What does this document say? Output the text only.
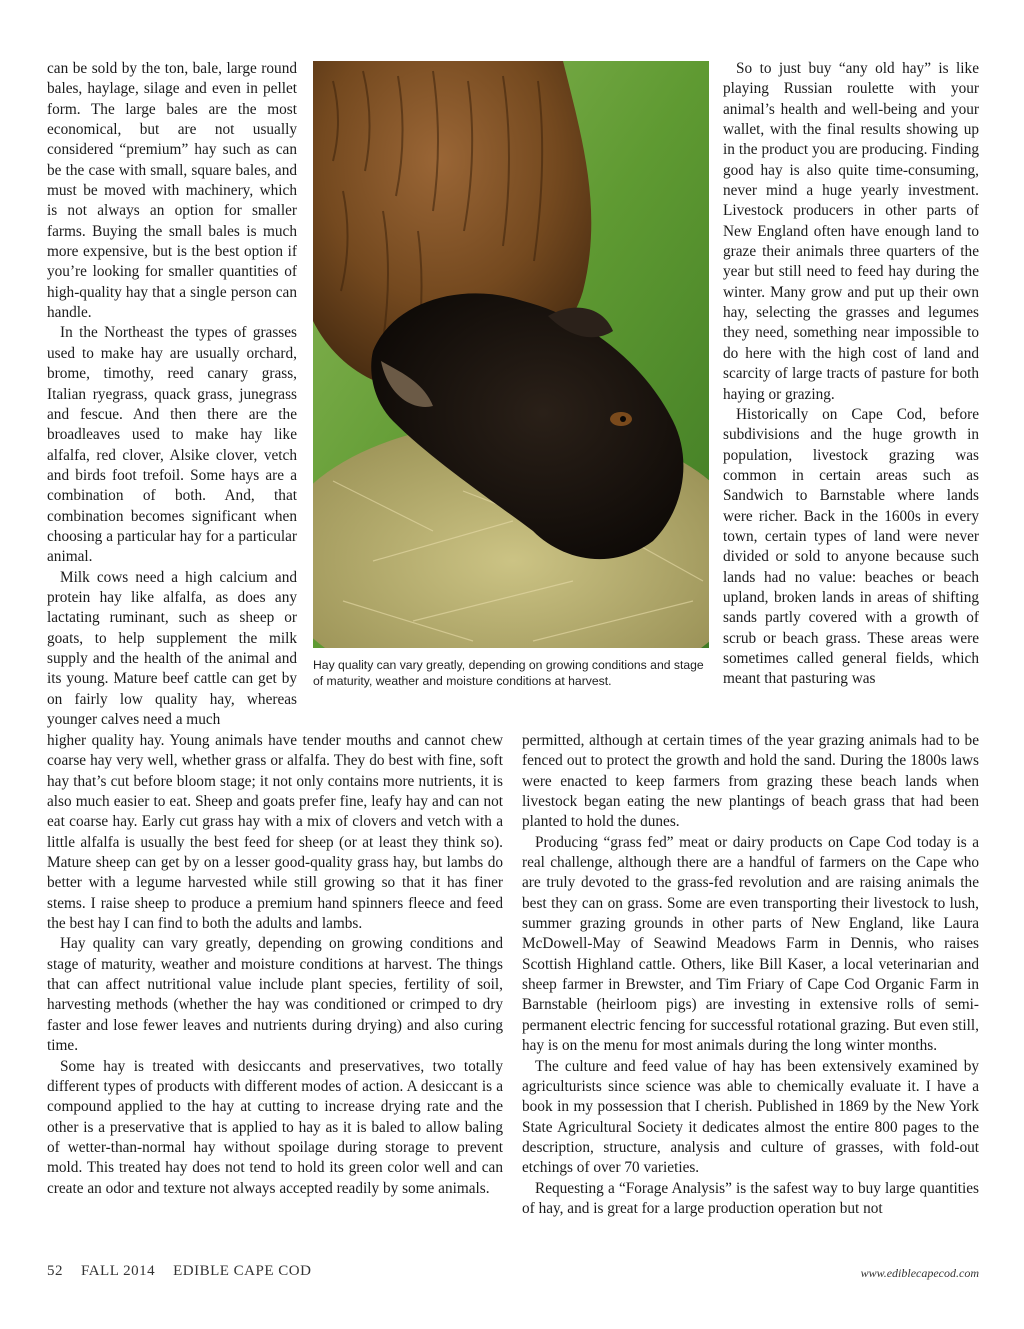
can be sold by the ton, bale, large round bales, haylage, silage and even in pellet form. The large bales are the most economical, but are not usually considered “premium” hay such as can be the case with small, square bales, and must be moved with machinery, which is not always an option for smaller farms. Buying the small bales is much more expensive, but is the best option if you’re looking for smaller quantities of high-quality hay that a single person can handle.

In the Northeast the types of grasses used to make hay are usually orchard, brome, timothy, reed canary grass, Italian ryegrass, quack grass, junegrass and fescue. And then there are the broadleaves used to make hay like alfalfa, red clover, Alsike clover, vetch and birds foot trefoil. Some hays are a combination of both. And, that combination becomes significant when choosing a particular hay for a particular animal.

Milk cows need a high calcium and protein hay like alfalfa, as does any lactating ruminant, such as sheep or goats, to help supplement the milk supply and the health of the animal and its young. Mature beef cattle can get by on fairly low quality hay, whereas younger calves need a much

Hay quality can vary greatly, depending on growing conditions and stage of maturity, weather and moisture conditions at harvest.

So to just buy “any old hay” is like playing Russian roulette with your animal’s health and well-being and your wallet, with the final results showing up in the product you are producing. Finding good hay is also quite time-consuming, never mind a huge yearly investment. Livestock producers in other parts of New England often have enough land to graze their animals three quarters of the year but still need to feed hay during the winter. Many grow and put up their own hay, selecting the grasses and legumes they need, something near impossible to do here with the high cost of land and scarcity of large tracts of pasture for both haying or grazing.

Historically on Cape Cod, before subdivisions and the huge growth in population, livestock grazing was common in certain areas such as Sandwich to Barnstable where lands were richer. Back in the 1600s in every town, certain types of land were never divided or sold to anyone because such lands had no value: beaches or beach upland, broken lands in areas of shifting sands partly covered with a growth of scrub or beach grass. These areas were sometimes called general fields, which meant that pasturing was

higher quality hay. Young animals have tender mouths and cannot chew coarse hay very well, whether grass or alfalfa. They do best with fine, soft hay that’s cut before bloom stage; it not only contains more nutrients, it is also much easier to eat. Sheep and goats prefer fine, leafy hay and can not eat coarse hay. Early cut grass hay with a mix of clovers and vetch with a little alfalfa is usually the best feed for sheep (or at least they think so). Mature sheep can get by on a lesser good-quality grass hay, but lambs do better with a legume harvested while still growing so that it has finer stems. I raise sheep to produce a premium hand spinners fleece and feed the best hay I can find to both the adults and lambs.

Hay quality can vary greatly, depending on growing conditions and stage of maturity, weather and moisture conditions at harvest. The things that can affect nutritional value include plant species, fertility of soil, harvesting methods (whether the hay was conditioned or crimped to dry faster and lose fewer leaves and nutrients during drying) and also curing time.

Some hay is treated with desiccants and preservatives, two totally different types of products with different modes of action. A desiccant is a compound applied to the hay at cutting to increase drying rate and the other is a preservative that is applied to hay as it is baled to allow baling of wetter-than-normal hay without spoilage during storage to prevent mold. This treated hay does not tend to hold its green color well and can create an odor and texture not always accepted readily by some animals.

permitted, although at certain times of the year grazing animals had to be fenced out to protect the growth and hold the sand. During the 1800s laws were enacted to keep farmers from grazing these beach lands when livestock began eating the new plantings of beach grass that had been planted to hold the dunes.

Producing “grass fed” meat or dairy products on Cape Cod today is a real challenge, although there are a handful of farmers on the Cape who are truly devoted to the grass-fed revolution and are raising animals the best they can on grass. Some are even transporting their livestock to lush, summer grazing grounds in other parts of New England, like Laura McDowell-May of Seawind Meadows Farm in Dennis, who raises Scottish Highland cattle. Others, like Bill Kaser, a local veterinarian and sheep farmer in Brewster, and Tim Friary of Cape Cod Organic Farm in Barnstable (heirloom pigs) are investing in extensive rolls of semi-permanent electric fencing for successful rotational grazing. But even still, hay is on the menu for most animals during the long winter months.

The culture and feed value of hay has been extensively examined by agriculturists since science was able to chemically evaluate it. I have a book in my possession that I cherish. Published in 1869 by the New York State Agricultural Society it dedicates almost the entire 800 pages to the description, structure, analysis and culture of grasses, with fold-out etchings of over 70 varieties.

Requesting a “Forage Analysis” is the safest way to buy large quantities of hay, and is great for a large production operation but not

52 FALL 2014 EDIBLE CAPE COD	www.ediblecapecod.com
